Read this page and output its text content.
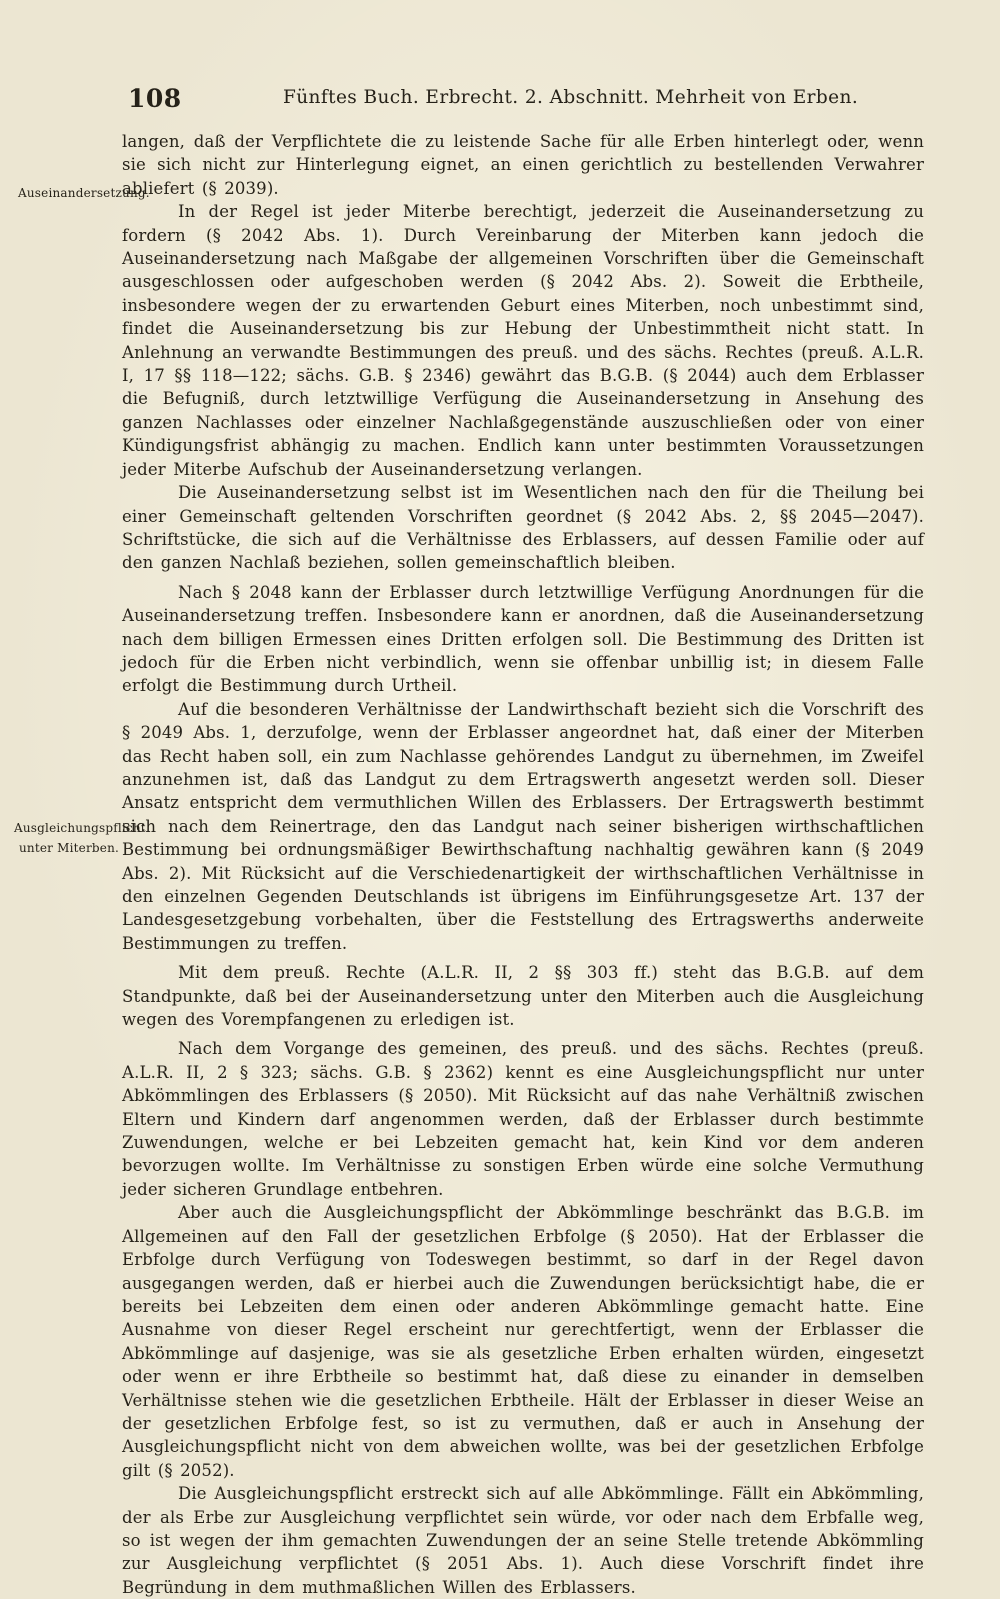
108	Fünftes Buch. Erbrecht. 2. Abschnitt. Mehrheit von Erben.
Auseinandersetzung.
Ausgleichungspflicht unter Miterben.

langen, daß der Verpflichtete die zu leistende Sache für alle Erben hinterlegt oder, wenn sie sich nicht zur Hinterlegung eignet, an einen gerichtlich zu bestellenden Verwahrer abliefert (§ 2039).

In der Regel ist jeder Miterbe berechtigt, jederzeit die Auseinandersetzung zu fordern (§ 2042 Abs. 1). Durch Vereinbarung der Miterben kann jedoch die Auseinandersetzung nach Maßgabe der allgemeinen Vorschriften über die Gemeinschaft ausgeschlossen oder aufgeschoben werden (§ 2042 Abs. 2). Soweit die Erbtheile, insbesondere wegen der zu erwartenden Geburt eines Miterben, noch unbestimmt sind, findet die Auseinandersetzung bis zur Hebung der Unbestimmtheit nicht statt. In Anlehnung an verwandte Bestimmungen des preuß. und des sächs. Rechtes (preuß. A.L.R. I, 17 §§ 118—122; sächs. G.B. § 2346) gewährt das B.G.B. (§ 2044) auch dem Erblasser die Befugniß, durch letztwillige Verfügung die Auseinandersetzung in Ansehung des ganzen Nachlasses oder einzelner Nachlaßgegenstände auszuschließen oder von einer Kündigungsfrist abhängig zu machen. Endlich kann unter bestimmten Voraussetzungen jeder Miterbe Aufschub der Auseinandersetzung verlangen.

Die Auseinandersetzung selbst ist im Wesentlichen nach den für die Theilung bei einer Gemeinschaft geltenden Vorschriften geordnet (§ 2042 Abs. 2, §§ 2045—2047). Schriftstücke, die sich auf die Verhältnisse des Erblassers, auf dessen Familie oder auf den ganzen Nachlaß beziehen, sollen gemeinschaftlich bleiben.

Nach § 2048 kann der Erblasser durch letztwillige Verfügung Anordnungen für die Auseinandersetzung treffen. Insbesondere kann er anordnen, daß die Auseinandersetzung nach dem billigen Ermessen eines Dritten erfolgen soll. Die Bestimmung des Dritten ist jedoch für die Erben nicht verbindlich, wenn sie offenbar unbillig ist; in diesem Falle erfolgt die Bestimmung durch Urtheil.

Auf die besonderen Verhältnisse der Landwirthschaft bezieht sich die Vorschrift des § 2049 Abs. 1, derzufolge, wenn der Erblasser angeordnet hat, daß einer der Miterben das Recht haben soll, ein zum Nachlasse gehörendes Landgut zu übernehmen, im Zweifel anzunehmen ist, daß das Landgut zu dem Ertragswerth angesetzt werden soll. Dieser Ansatz entspricht dem vermuthlichen Willen des Erblassers. Der Ertragswerth bestimmt sich nach dem Reinertrage, den das Landgut nach seiner bisherigen wirthschaftlichen Bestimmung bei ordnungsmäßiger Bewirthschaftung nachhaltig gewähren kann (§ 2049 Abs. 2). Mit Rücksicht auf die Verschiedenartigkeit der wirthschaftlichen Verhältnisse in den einzelnen Gegenden Deutschlands ist übrigens im Einführungsgesetze Art. 137 der Landesgesetzgebung vorbehalten, über die Feststellung des Ertragswerths anderweite Bestimmungen zu treffen.

Mit dem preuß. Rechte (A.L.R. II, 2 §§ 303 ff.) steht das B.G.B. auf dem Standpunkte, daß bei der Auseinandersetzung unter den Miterben auch die Ausgleichung wegen des Vorempfangenen zu erledigen ist.

Nach dem Vorgange des gemeinen, des preuß. und des sächs. Rechtes (preuß. A.L.R. II, 2 § 323; sächs. G.B. § 2362) kennt es eine Ausgleichungspflicht nur unter Abkömmlingen des Erblassers (§ 2050). Mit Rücksicht auf das nahe Verhältniß zwischen Eltern und Kindern darf angenommen werden, daß der Erblasser durch bestimmte Zuwendungen, welche er bei Lebzeiten gemacht hat, kein Kind vor dem anderen bevorzugen wollte. Im Verhältnisse zu sonstigen Erben würde eine solche Vermuthung jeder sicheren Grundlage entbehren.

Aber auch die Ausgleichungspflicht der Abkömmlinge beschränkt das B.G.B. im Allgemeinen auf den Fall der gesetzlichen Erbfolge (§ 2050). Hat der Erblasser die Erbfolge durch Verfügung von Todeswegen bestimmt, so darf in der Regel davon ausgegangen werden, daß er hierbei auch die Zuwendungen berücksichtigt habe, die er bereits bei Lebzeiten dem einen oder anderen Abkömmlinge gemacht hatte. Eine Ausnahme von dieser Regel erscheint nur gerechtfertigt, wenn der Erblasser die Abkömmlinge auf dasjenige, was sie als gesetzliche Erben erhalten würden, eingesetzt oder wenn er ihre Erbtheile so bestimmt hat, daß diese zu einander in demselben Verhältnisse stehen wie die gesetzlichen Erbtheile. Hält der Erblasser in dieser Weise an der gesetzlichen Erbfolge fest, so ist zu vermuthen, daß er auch in Ansehung der Ausgleichungspflicht nicht von dem abweichen wollte, was bei der gesetzlichen Erbfolge gilt (§ 2052).

Die Ausgleichungspflicht erstreckt sich auf alle Abkömmlinge. Fällt ein Abkömmling, der als Erbe zur Ausgleichung verpflichtet sein würde, vor oder nach dem Erbfalle weg, so ist wegen der ihm gemachten Zuwendungen der an seine Stelle tretende Abkömmling zur Ausgleichung verpflichtet (§ 2051 Abs. 1). Auch diese Vorschrift findet ihre Begründung in dem muthmaßlichen Willen des Erblassers.
